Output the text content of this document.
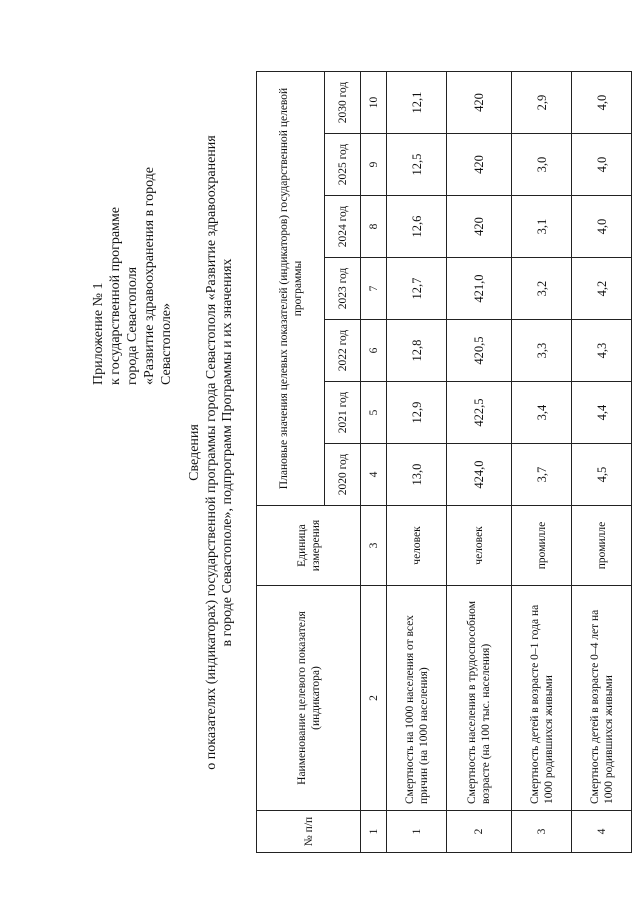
Приложение № 1 к государственной программе города Севастополя «Развитие здравоохранения в городе Севастополе»
Сведения о показателях (индикаторах) государственной программы города Севастополя «Развитие здравоохранения в городе Севастополе», подпрограмм Программы и их значениях
№ п/п	Наименование целевого показателя (индикатора)	Единица измерения	Плановые значения целевых показателей (индикаторов) государственной целевой программы						
			2020 год	2021 год	2022 год	2023 год	2024 год	2025 год	2030 год
1	2	3	4	5	6	7	8	9	10
1	Смертность на 1000 населения от всех причин (на 1000 населения)	человек	13,0	12,9	12,8	12,7	12,6	12,5	12,1
2	Смертность населения в трудоспособном возрасте (на 100 тыс. населения)	человек	424,0	422,5	420,5	421,0	420	420	420
3	Смертность детей в возрасте 0–1 года на 1000 родившихся живыми	промилле	3,7	3,4	3,3	3,2	3,1	3,0	2,9
4	Смертность детей в возрасте 0–4 лет на 1000 родившихся живыми	промилле	4,5	4,4	4,3	4,2	4,0	4,0	4,0
